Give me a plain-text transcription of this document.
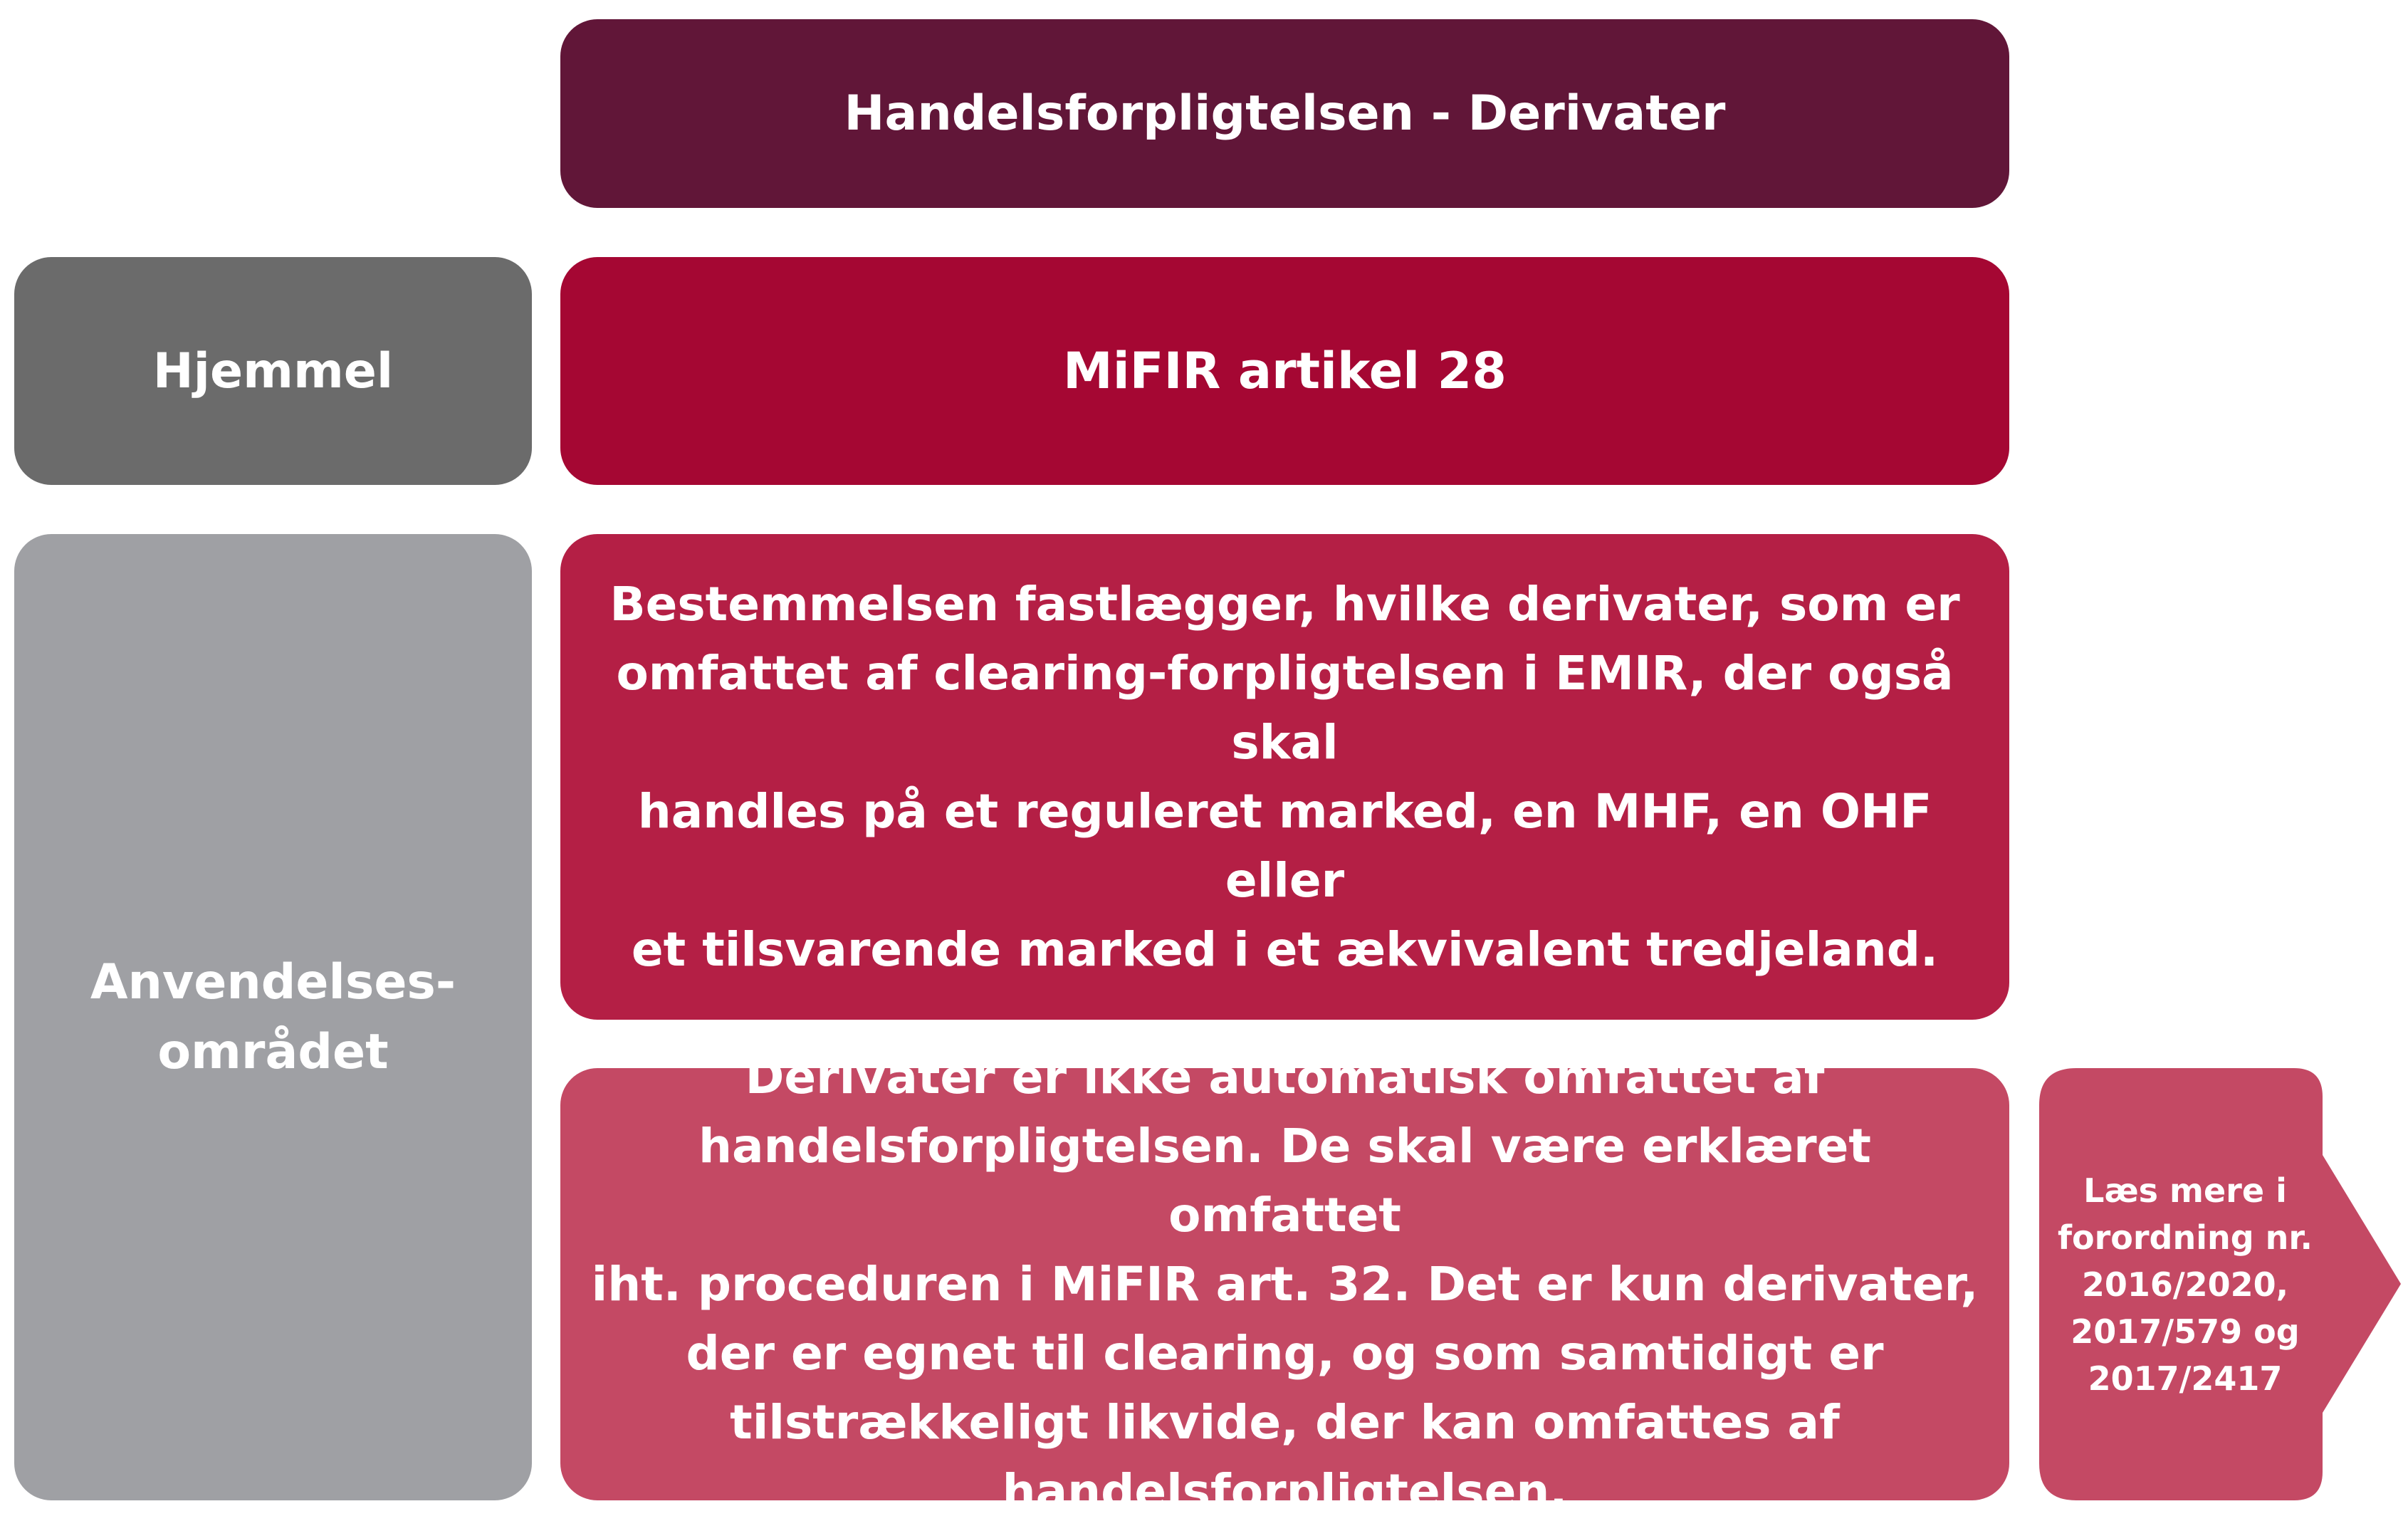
Handelsforpligtelsen - Derivater
Hjemmel	MiFIR artikel 28
Anvendelses-
området
Bestemmelsen fastlægger, hvilke derivater, som er
omfattet af clearing-forpligtelsen i EMIR, der også skal
handles på et reguleret marked, en MHF, en OHF eller
et tilsvarende marked i et ækvivalent tredjeland.
Derivater er ikke automatisk omfattet af
handelsforpligtelsen. De skal være erklæret omfattet
iht. proceduren i MiFIR art. 32. Det er kun derivater,
der er egnet til clearing, og som samtidigt er
tilstrækkeligt likvide, der kan omfattes af
handelsforpligtelsen.
Læs mere i forordning nr. 2016/2020, 2017/579 og 2017/2417
